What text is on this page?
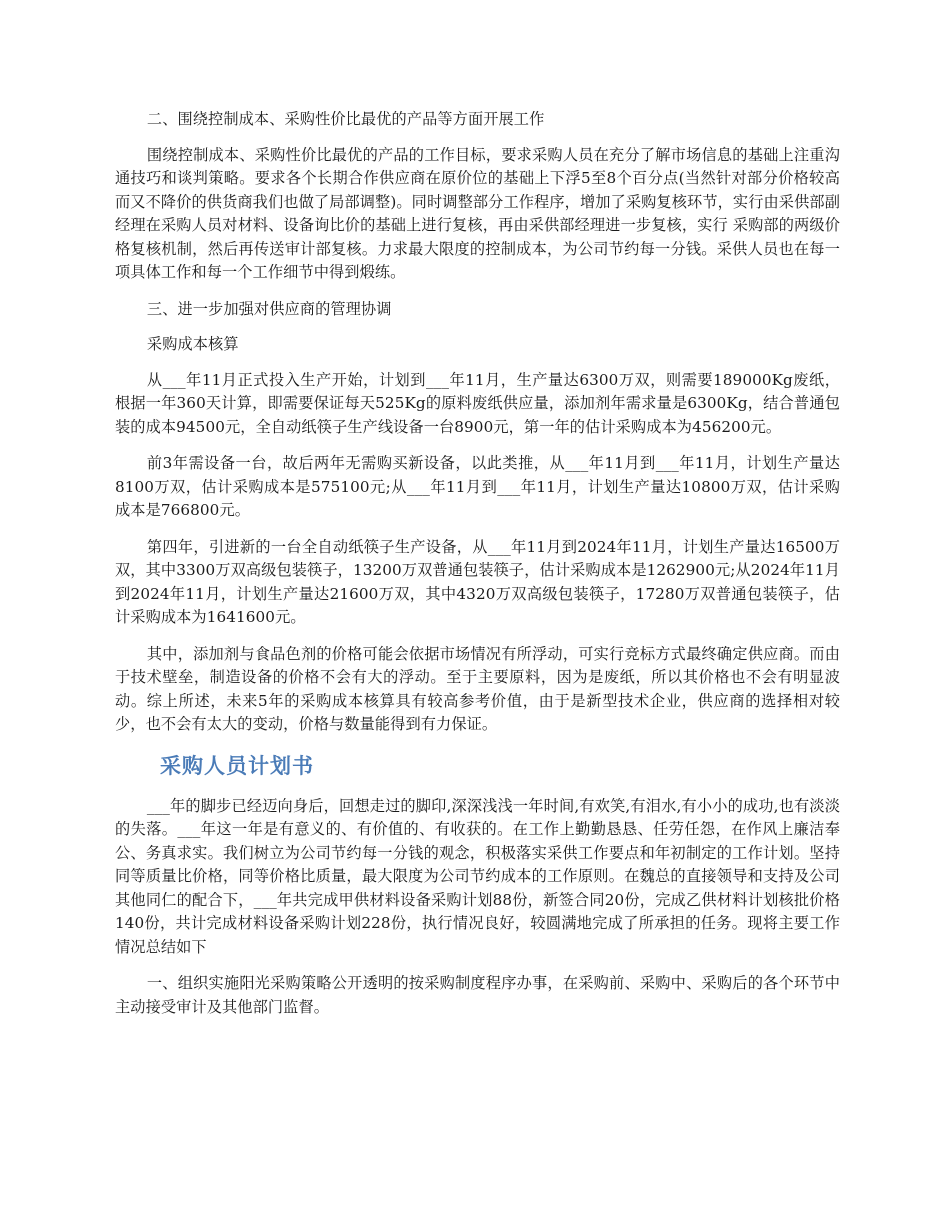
二、围绕控制成本、采购性价比最优的产品等方面开展工作

围绕控制成本、采购性价比最优的产品的工作目标，要求采购人员在充分了解市场信息的基础上注重沟通技巧和谈判策略。要求各个长期合作供应商在原价位的基础上下浮5至8个百分点(当然针对部分价格较高而又不降价的供货商我们也做了局部调整)。同时调整部分工作程序，增加了采购复核环节，实行由采供部副经理在采购人员对材料、设备询比价的基础上进行复核，再由采供部经理进一步复核，实行 采购部的两级价格复核机制，然后再传送审计部复核。力求最大限度的控制成本，为公司节约每一分钱。采供人员也在每一项具体工作和每一个工作细节中得到煅练。

三、进一步加强对供应商的管理协调

采购成本核算

从___年11月正式投入生产开始，计划到___年11月，生产量达6300万双，则需要189000Kg废纸，根据一年360天计算，即需要保证每天525Kg的原料废纸供应量，添加剂年需求量是6300Kg，结合普通包装的成本94500元，全自动纸筷子生产线设备一台8900元，第一年的估计采购成本为456200元。

前3年需设备一台，故后两年无需购买新设备，以此类推，从___年11月到___年11月，计划生产量达8100万双，估计采购成本是575100元;从___年11月到___年11月，计划生产量达10800万双，估计采购成本是766800元。

第四年，引进新的一台全自动纸筷子生产设备，从___年11月到2024年11月，计划生产量达16500万双，其中3300万双高级包装筷子，13200万双普通包装筷子，估计采购成本是1262900元;从2024年11月到2024年11月，计划生产量达21600万双，其中4320万双高级包装筷子，17280万双普通包装筷子，估计采购成本为1641600元。

其中，添加剂与食品色剂的价格可能会依据市场情况有所浮动，可实行竞标方式最终确定供应商。而由于技术壁垒，制造设备的价格不会有大的浮动。至于主要原料，因为是废纸，所以其价格也不会有明显波动。综上所述，未来5年的采购成本核算具有较高参考价值，由于是新型技术企业，供应商的选择相对较少，也不会有太大的变动，价格与数量能得到有力保证。

采购人员计划书

___年的脚步已经迈向身后，回想走过的脚印,深深浅浅一年时间,有欢笑,有泪水,有小小的成功,也有淡淡的失落。___年这一年是有意义的、有价值的、有收获的。在工作上勤勤恳恳、任劳任怨，在作风上廉洁奉公、务真求实。我们树立为公司节约每一分钱的观念，积极落实采供工作要点和年初制定的工作计划。坚持同等质量比价格，同等价格比质量，最大限度为公司节约成本的工作原则。在魏总的直接领导和支持及公司其他同仁的配合下，___年共完成甲供材料设备采购计划88份，新签合同20份，完成乙供材料计划核批价格140份，共计完成材料设备采购计划228份，执行情况良好，较圆满地完成了所承担的任务。现将主要工作情况总结如下

一、组织实施阳光采购策略公开透明的按采购制度程序办事，在采购前、采购中、采购后的各个环节中主动接受审计及其他部门监督。
